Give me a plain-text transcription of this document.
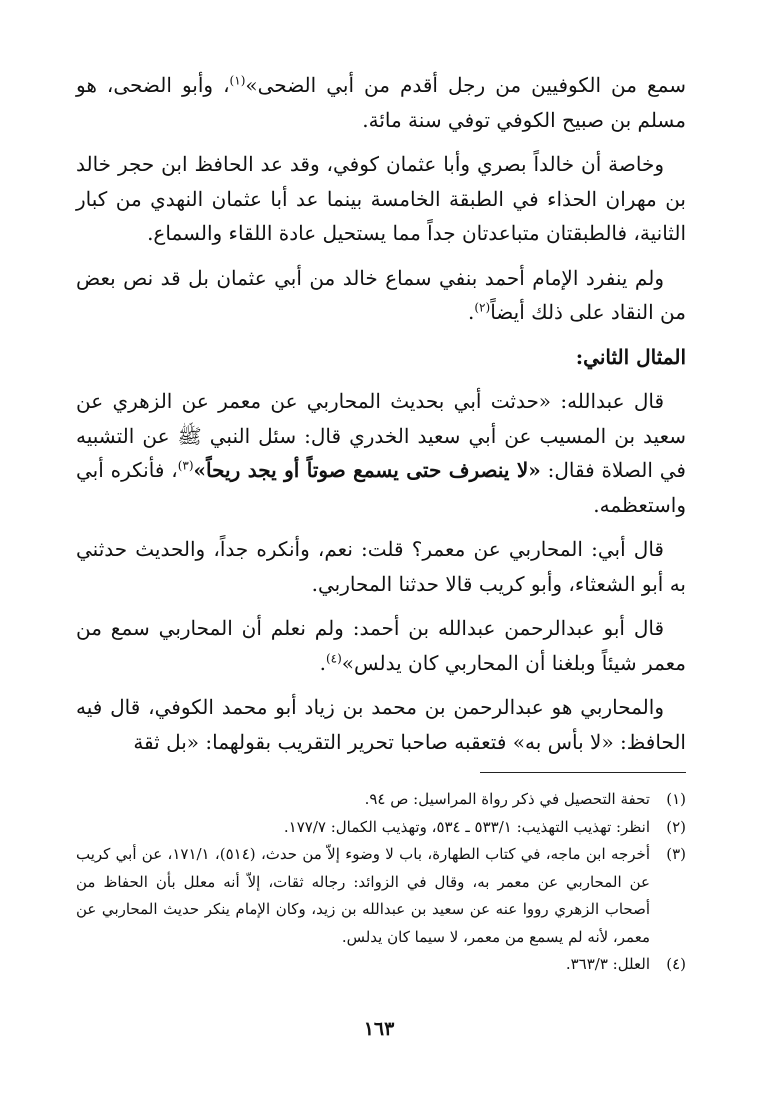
سمع من الكوفيين من رجل أقدم من أبي الضحى»$^{(١)}$، وأبو الضحى، هو مسلم بن صبيح الكوفي توفي سنة مائة.

وخاصة أن خالداً بصري وأبا عثمان كوفي، وقد عد الحافظ ابن حجر خالد بن مهران الحذاء في الطبقة الخامسة بينما عد أبا عثمان النهدي من كبار الثانية، فالطبقتان متباعدتان جداً مما يستحيل عادة اللقاء والسماع.

ولم ينفرد الإمام أحمد بنفي سماع خالد من أبي عثمان بل قد نص بعض من النقاد على ذلك أيضاً$^{(٢)}$.

المثال الثاني:

قال عبدالله: «حدثت أبي بحديث المحاربي عن معمر عن الزهري عن سعيد بن المسيب عن أبي سعيد الخدري قال: سئل النبي ﷺ عن التشبيه في الصلاة فقال: «لا ينصرف حتى يسمع صوتاً أو يجد ريحاً»$^{(٣)}$، فأنكره أبي واستعظمه.

قال أبي: المحاربي عن معمر؟ قلت: نعم، وأنكره جداً، والحديث حدثني به أبو الشعثاء، وأبو كريب قالا حدثنا المحاربي.

قال أبو عبدالرحمن عبدالله بن أحمد: ولم نعلم أن المحاربي سمع من معمر شيئاً وبلغنا أن المحاربي كان يدلس»$^{(٤)}$.

والمحاربي هو عبدالرحمن بن محمد بن زياد أبو محمد الكوفي، قال فيه الحافظ: «لا بأس به» فتعقبه صاحبا تحرير التقريب بقولهما: «بل ثقة

(١)
تحفة التحصيل في ذكر رواة المراسيل: ص ٩٤.
(٢)
انظر: تهذيب التهذيب: ٥٣٣/١ ـ ٥٣٤، وتهذيب الكمال: ١٧٧/٧.
(٣)
أخرجه ابن ماجه، في كتاب الطهارة، باب لا وضوء إلاّ من حدث، (٥١٤)، ١٧١/١، عن أبي كريب عن المحاربي عن معمر به، وقال في الزوائد: رجاله ثقات، إلاّ أنه معلل بأن الحفاظ من أصحاب الزهري رووا عنه عن سعيد بن عبدالله بن زيد، وكان الإمام ينكر حديث المحاربي عن معمر، لأنه لم يسمع من معمر، لا سيما كان يدلس.
(٤)
العلل: ٣٦٣/٣.
١٦٣
